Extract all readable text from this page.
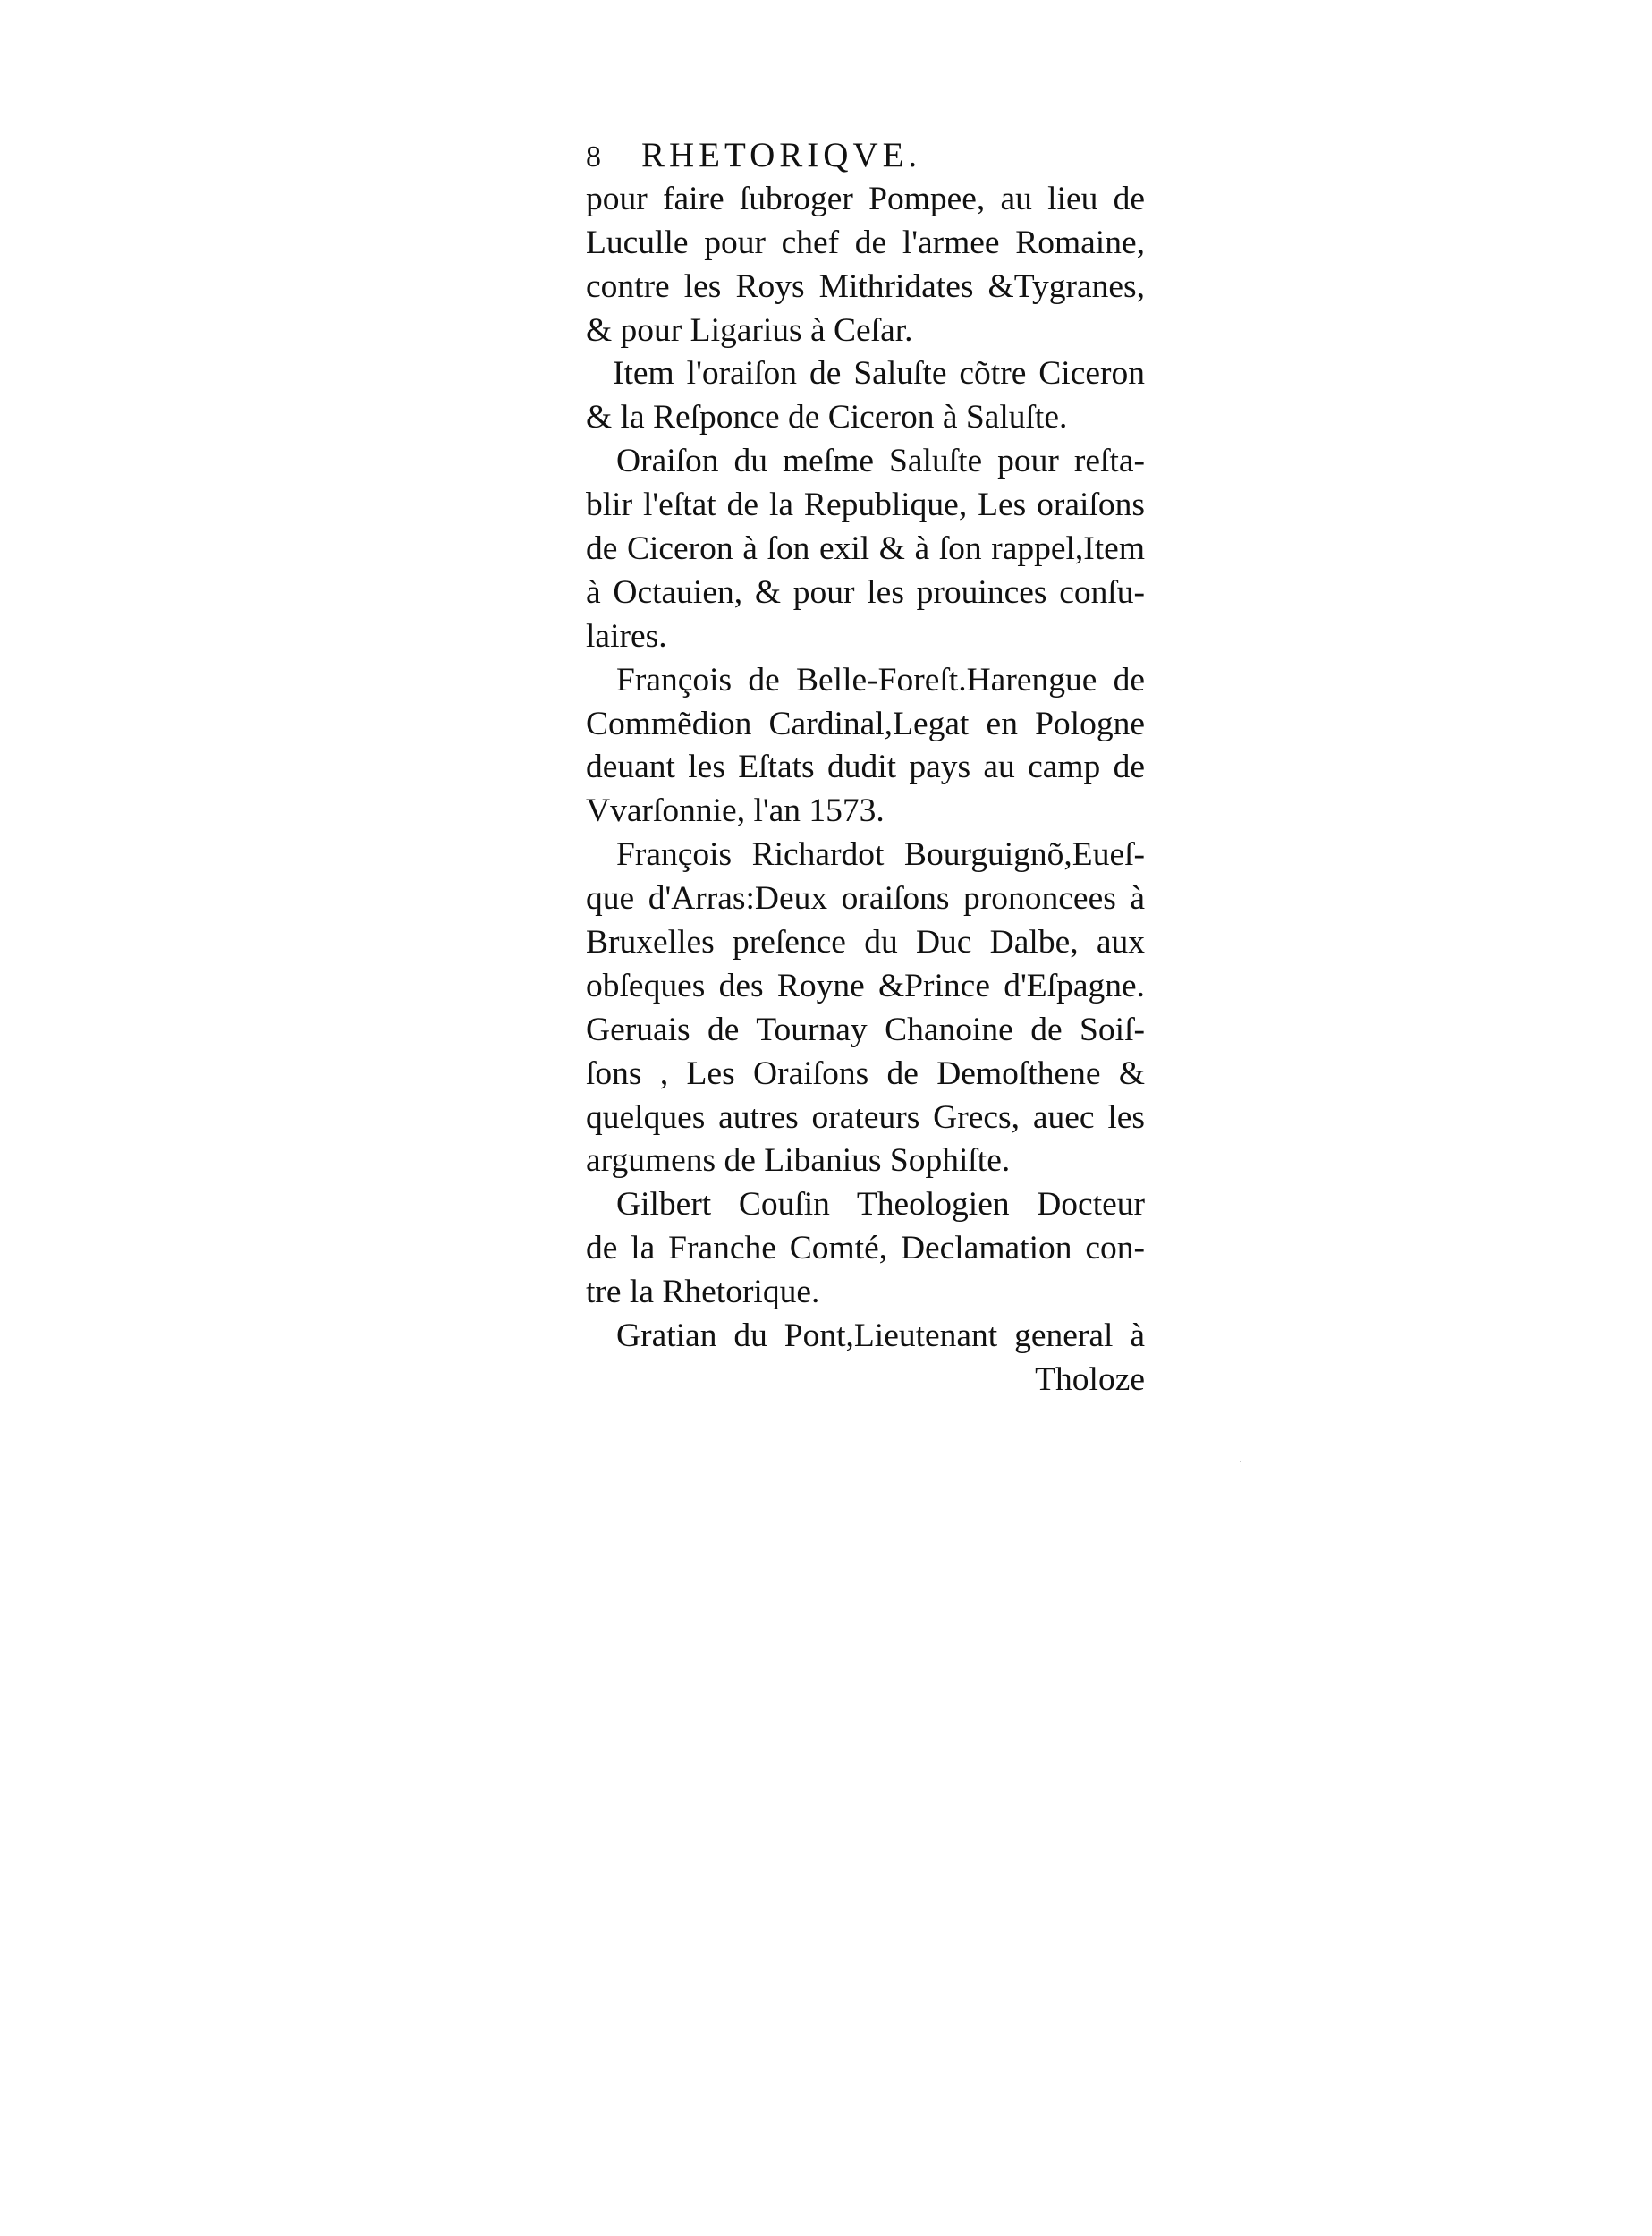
8	RHETORIQVE.
pour faire ſubroger Pompee, au lieu de
Luculle pour chef de l'armee Romaine,
contre les Roys Mithridates &Tygranes,
& pour Ligarius à Ceſar.
Item l'oraiſon de Saluſte cõtre Ciceron
& la Reſponce de Ciceron à Saluſte.
Oraiſon du meſme Saluſte pour reſta-
blir l'eſtat de la Republique, Les oraiſons
de Ciceron à ſon exil & à ſon rappel,Item
à Octauien, & pour les prouinces conſu-
laires.
François de Belle-Foreſt.Harengue de
Commẽdion Cardinal,Legat en Pologne
deuant les Eſtats dudit pays au camp de
Vvarſonnie, l'an 1573.
François Richardot Bourguignõ,Eueſ-
que d'Arras:Deux oraiſons prononcees à
Bruxelles preſence du Duc Dalbe, aux
obſeques des Royne &Prince d'Eſpagne.
Geruais de Tournay Chanoine de Soiſ-
ſons , Les Oraiſons de Demoſthene &
quelques autres orateurs Grecs, auec les
argumens de Libanius Sophiſte.
Gilbert Couſin Theologien Docteur
de la Franche Comté, Declamation con-
tre la Rhetorique.
Gratian du Pont,Lieutenant general à
Tholoze
